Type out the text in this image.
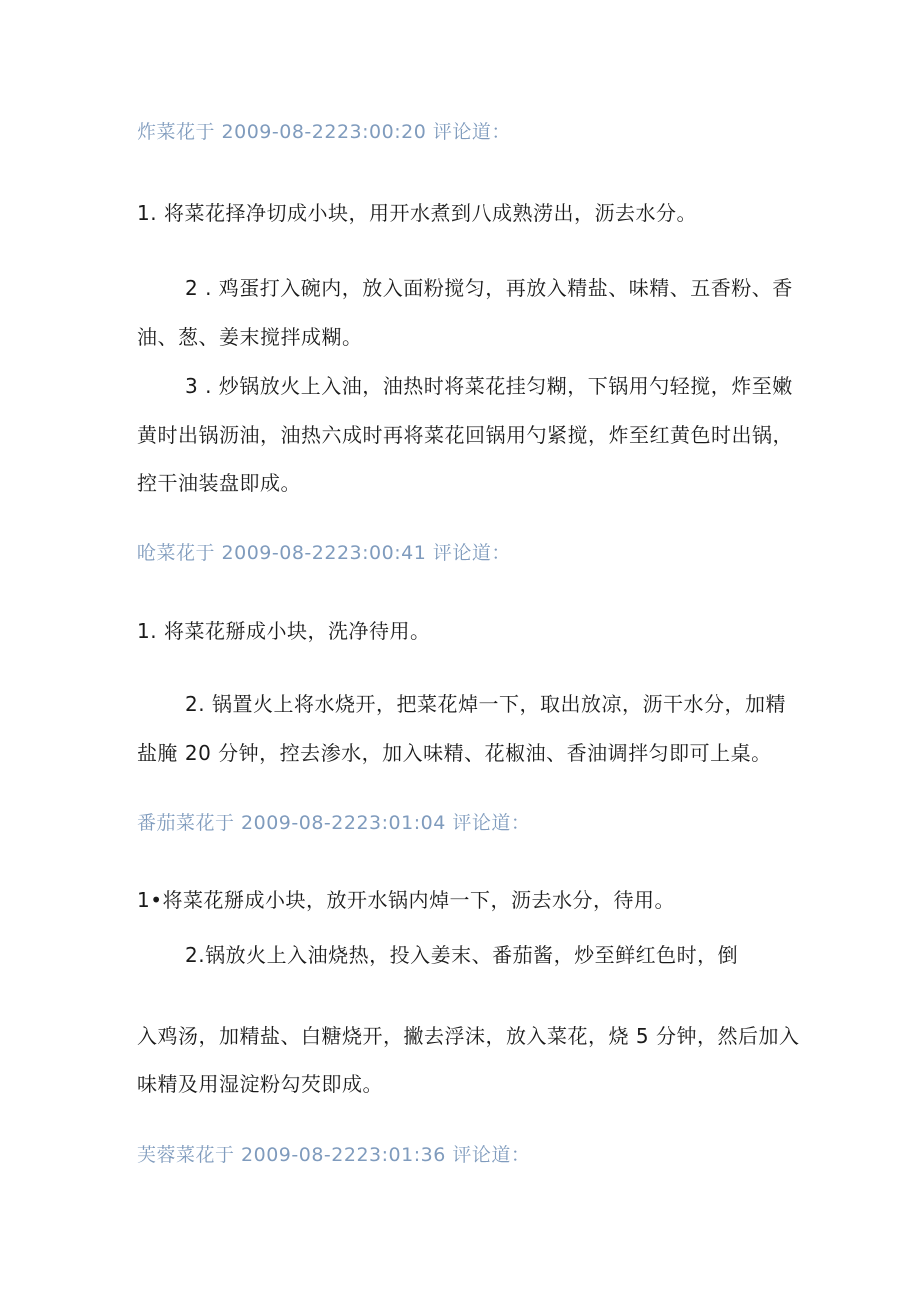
炸菜花于 2009-08-2223:00:20 评论道：
1. 将菜花择净切成小块，用开水煮到八成熟涝出，沥去水分。
2 . 鸡蛋打入碗内，放入面粉搅匀，再放入精盐、味精、五香粉、香
油、葱、姜末搅拌成糊。
3 . 炒锅放火上入油，油热时将菜花挂匀糊，下锅用勺轻搅，炸至嫩
黄时出锅沥油，油热六成时再将菜花回锅用勺紧搅，炸至红黄色时出锅，
控干油装盘即成。
呛菜花于 2009-08-2223:00:41 评论道：
1. 将菜花掰成小块，洗净待用。
2. 锅置火上将水烧开，把菜花焯一下，取出放凉，沥干水分，加精
盐腌 20 分钟，控去渗水，加入味精、花椒油、香油调拌匀即可上桌。
番茄菜花于 2009-08-2223:01:04 评论道：
1•将菜花掰成小块，放开水锅内焯一下，沥去水分，待用。
2.锅放火上入油烧热，投入姜末、番茄酱，炒至鲜红色时，倒
入鸡汤，加精盐、白糖烧开，撇去浮沫，放入菜花，烧 5 分钟，然后加入
味精及用湿淀粉勾芡即成。
芙蓉菜花于 2009-08-2223:01:36 评论道：
